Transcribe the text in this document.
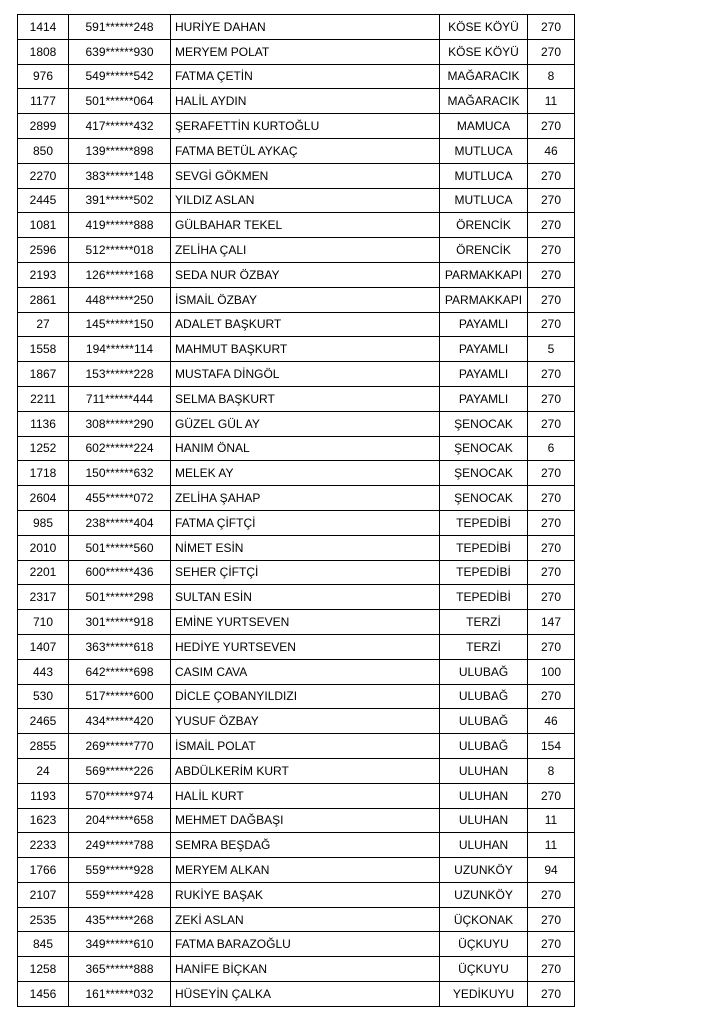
1414	591******248	HURİYE DAHAN	KÖSE KÖYÜ	270
1808	639******930	MERYEM POLAT	KÖSE KÖYÜ	270
976	549******542	FATMA ÇETİN	MAĞARACIK	8
1177	501******064	HALİL AYDIN	MAĞARACIK	11
2899	417******432	ŞERAFETTİN KURTOĞLU	MAMUCA	270
850	139******898	FATMA BETÜL AYKAÇ	MUTLUCA	46
2270	383******148	SEVGİ GÖKMEN	MUTLUCA	270
2445	391******502	YILDIZ ASLAN	MUTLUCA	270
1081	419******888	GÜLBAHAR TEKEL	ÖRENCİK	270
2596	512******018	ZELİHA ÇALI	ÖRENCİK	270
2193	126******168	SEDA NUR ÖZBAY	PARMAKKAPI	270
2861	448******250	İSMAİL ÖZBAY	PARMAKKAPI	270
27	145******150	ADALET BAŞKURT	PAYAMLI	270
1558	194******114	MAHMUT BAŞKURT	PAYAMLI	5
1867	153******228	MUSTAFA DİNGÖL	PAYAMLI	270
2211	711******444	SELMA BAŞKURT	PAYAMLI	270
1136	308******290	GÜZEL GÜL AY	ŞENOCAK	270
1252	602******224	HANIM ÖNAL	ŞENOCAK	6
1718	150******632	MELEK AY	ŞENOCAK	270
2604	455******072	ZELİHA ŞAHAP	ŞENOCAK	270
985	238******404	FATMA ÇİFTÇİ	TEPEDİBİ	270
2010	501******560	NİMET ESİN	TEPEDİBİ	270
2201	600******436	SEHER ÇİFTÇİ	TEPEDİBİ	270
2317	501******298	SULTAN ESİN	TEPEDİBİ	270
710	301******918	EMİNE YURTSEVEN	TERZİ	147
1407	363******618	HEDİYE YURTSEVEN	TERZİ	270
443	642******698	CASIM CAVA	ULUBAĞ	100
530	517******600	DİCLE ÇOBANYILDIZI	ULUBAĞ	270
2465	434******420	YUSUF ÖZBAY	ULUBAĞ	46
2855	269******770	İSMAİL POLAT	ULUBAĞ	154
24	569******226	ABDÜLKERİM KURT	ULUHAN	8
1193	570******974	HALİL KURT	ULUHAN	270
1623	204******658	MEHMET DAĞBAŞI	ULUHAN	11
2233	249******788	SEMRA BEŞDAĞ	ULUHAN	11
1766	559******928	MERYEM ALKAN	UZUNKÖY	94
2107	559******428	RUKİYE BAŞAK	UZUNKÖY	270
2535	435******268	ZEKİ ASLAN	ÜÇKONAK	270
845	349******610	FATMA BARAZOĞLU	ÜÇKUYU	270
1258	365******888	HANİFE BİÇKAN	ÜÇKUYU	270
1456	161******032	HÜSEYİN ÇALKA	YEDİKUYU	270
